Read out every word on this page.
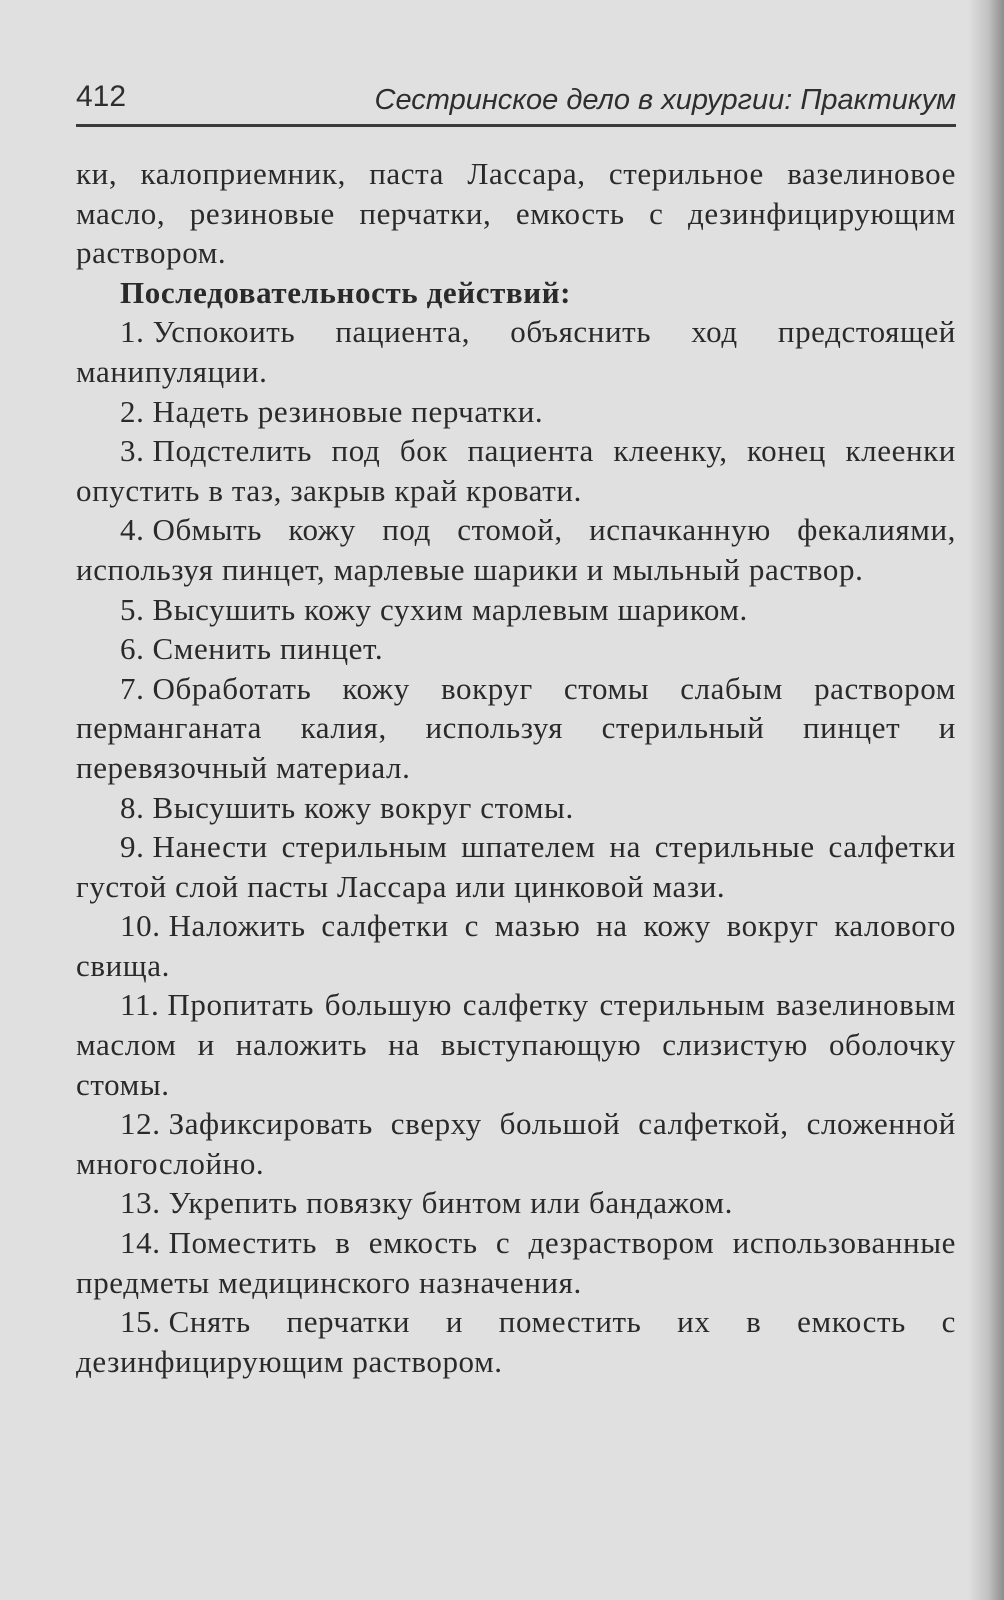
412	Сестринское дело в хирургии: Практикум

ки, калоприемник, паста Лассара, стерильное вазелиновое масло, резиновые перчатки, емкость с дезинфицирующим раствором.

Последовательность действий:

1. Успокоить пациента, объяснить ход предстоящей манипуляции.

2. Надеть резиновые перчатки.

3. Подстелить под бок пациента клеенку, конец клеенки опустить в таз, закрыв край кровати.

4. Обмыть кожу под стомой, испачканную фекалиями, используя пинцет, марлевые шарики и мыльный раствор.

5. Высушить кожу сухим марлевым шариком.

6. Сменить пинцет.

7. Обработать кожу вокруг стомы слабым раствором перманганата калия, используя стерильный пинцет и перевязочный материал.

8. Высушить кожу вокруг стомы.

9. Нанести стерильным шпателем на стерильные салфетки густой слой пасты Лассара или цинковой мази.

10. Наложить салфетки с мазью на кожу вокруг калового свища.

11. Пропитать большую салфетку стерильным вазелиновым маслом и наложить на выступающую слизистую оболочку стомы.

12. Зафиксировать сверху большой салфеткой, сложенной многослойно.

13. Укрепить повязку бинтом или бандажом.

14. Поместить в емкость с дезраствором использованные предметы медицинского назначения.

15. Снять перчатки и поместить их в емкость с дезинфицирующим раствором.
